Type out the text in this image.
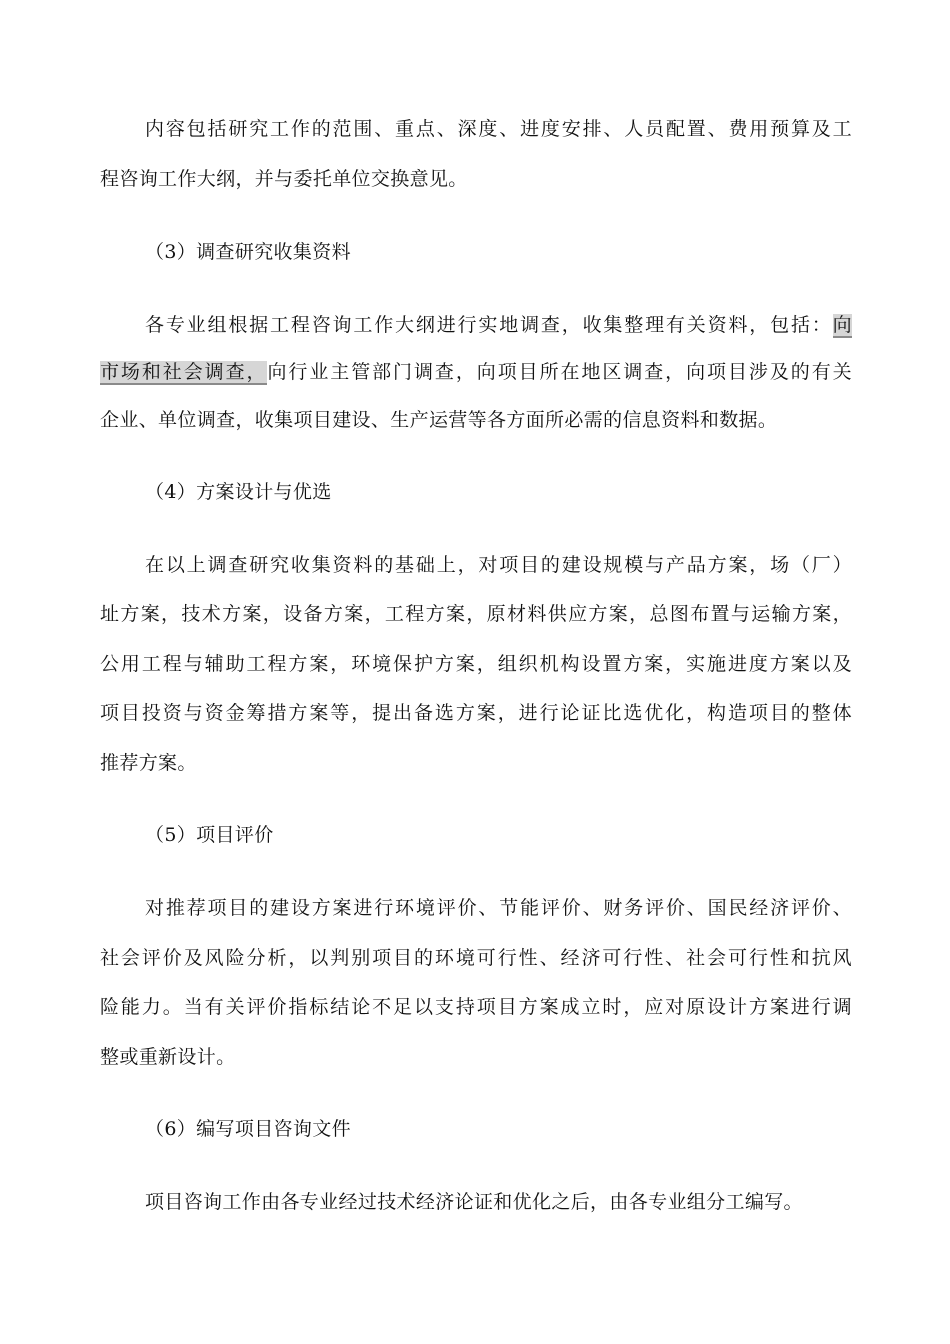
内容包括研究工作的范围、重点、深度、进度安排、人员配置、费用预算及工
程咨询工作大纲，并与委托单位交换意见。
（3）调查研究收集资料
各专业组根据工程咨询工作大纲进行实地调查，收集整理有关资料，包括：向
市场和社会调查，向行业主管部门调查，向项目所在地区调查，向项目涉及的有关
企业、单位调查，收集项目建设、生产运营等各方面所必需的信息资料和数据。
（4）方案设计与优选
在以上调查研究收集资料的基础上，对项目的建设规模与产品方案，场（厂）
址方案，技术方案，设备方案，工程方案，原材料供应方案，总图布置与运输方案，
公用工程与辅助工程方案，环境保护方案，组织机构设置方案，实施进度方案以及
项目投资与资金筹措方案等，提出备选方案，进行论证比选优化，构造项目的整体
推荐方案。
（5）项目评价
对推荐项目的建设方案进行环境评价、节能评价、财务评价、国民经济评价、
社会评价及风险分析，以判别项目的环境可行性、经济可行性、社会可行性和抗风
险能力。当有关评价指标结论不足以支持项目方案成立时，应对原设计方案进行调
整或重新设计。
（6）编写项目咨询文件
项目咨询工作由各专业经过技术经济论证和优化之后，由各专业组分工编写。
